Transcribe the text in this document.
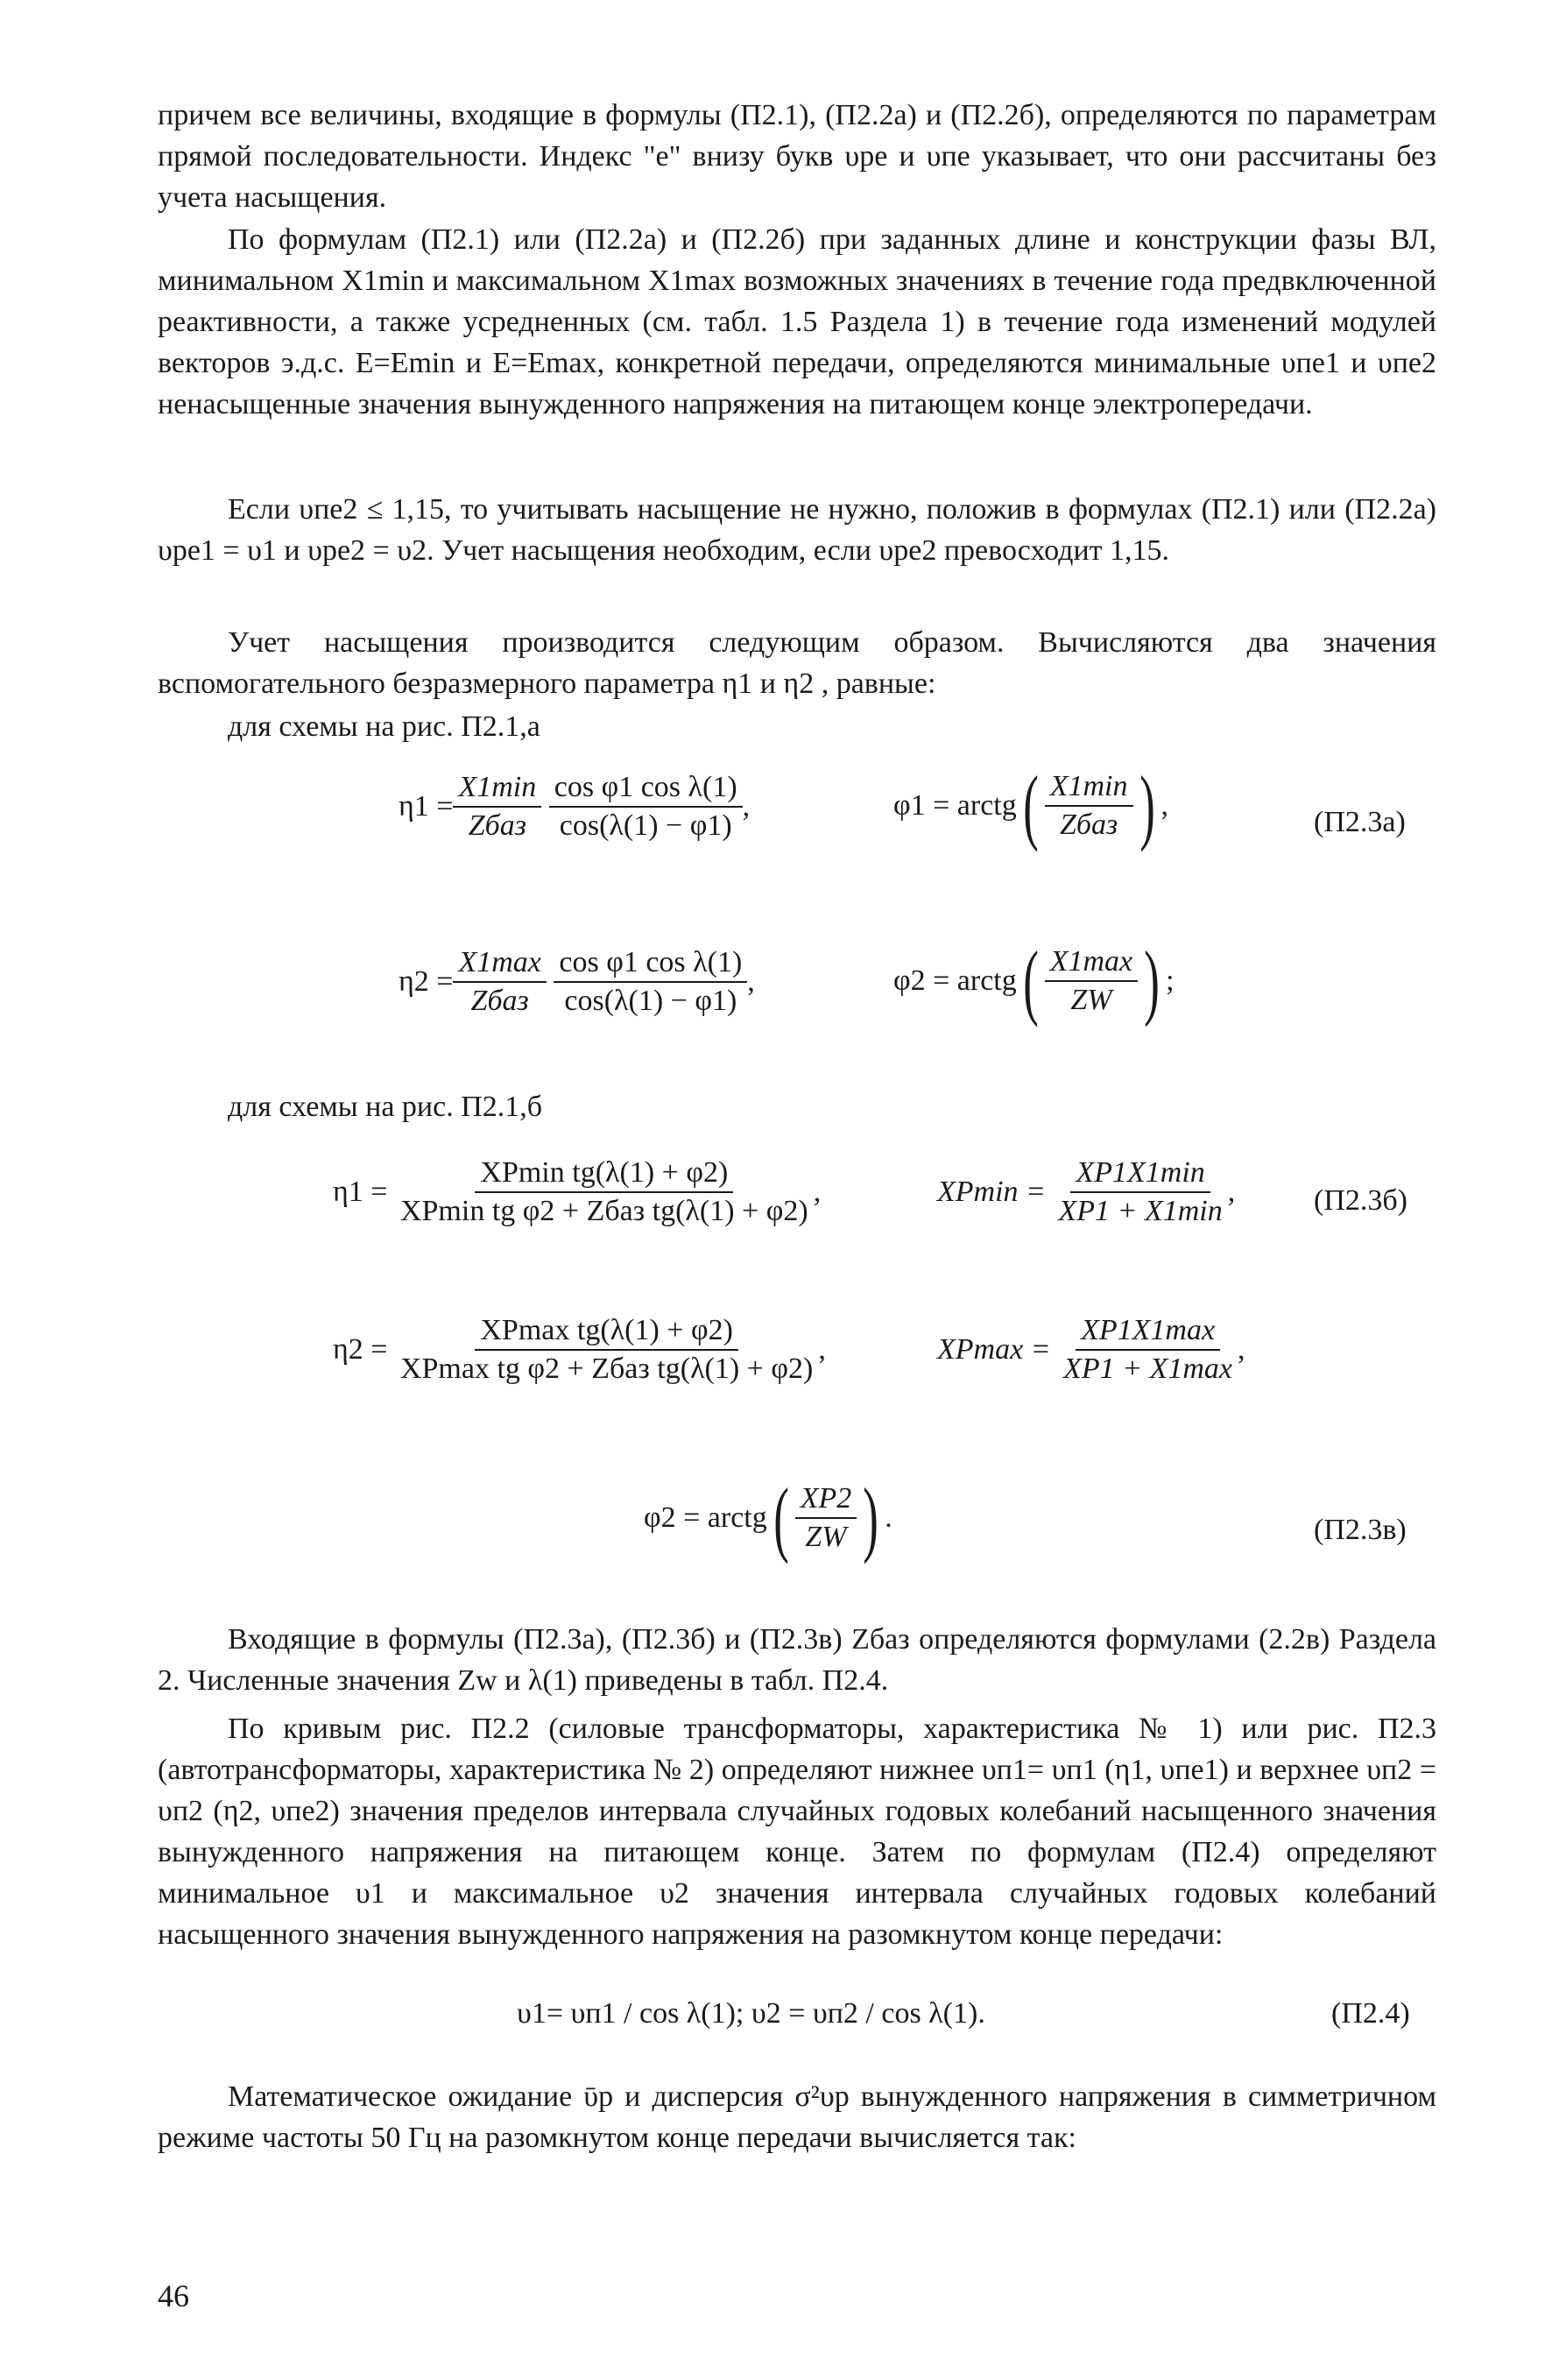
причем все величины, входящие в формулы (П2.1), (П2.2а) и (П2.2б), определяются по параметрам прямой последовательности. Индекс "е" внизу букв υре и υпе указывает, что они рассчитаны без учета насыщения.

По формулам (П2.1) или (П2.2а) и (П2.2б) при заданных длине и конструкции фазы ВЛ, минимальном X1min и максимальном X1max возможных значениях в течение года предвключенной реактивности, а также усредненных (см. табл. 1.5 Раздела 1) в течение года изменений модулей векторов э.д.с. E=Emin и E=Emax, конкретной передачи, определяются минимальные υпе1 и υпе2 ненасыщенные значения вынужденного напряжения на питающем конце электропередачи.

Если υпе2 ≤ 1,15, то учитывать насыщение не нужно, положив в формулах (П2.1) или (П2.2а) υре1 = υ1 и υре2 = υ2. Учет насыщения необходим, если υре2 превосходит 1,15.

Учет насыщения производится следующим образом. Вычисляются два значения вспомогательного безразмерного параметра η1 и η2 , равные:

для схемы на рис. П2.1,а

$\eta 1 = \frac{X1\min}{\text{Zбаз}}$
$\frac{\text{cos φ1 cos λ(1)}}{\cos(\lambda(1) - \varphi 1)}$ ,	φ1 = arctg ( $\frac{X1\min}{\text{Zбаз}}$ ) ,
(П2.3а)
$\eta 2 = \frac{X1\max}{\text{Zбаз}}$
$\frac{\text{cos φ1 cos λ(1)}}{\cos(\lambda(1) - \varphi 1)}$ ,	φ2 = arctg ( $\frac{X1\max}{ZW}$ ) ;

для схемы на рис. П2.1,б

η1 =
$\frac{\text{XPmin tg(λ(1) + φ2)}}{\text{XPmin tg φ2 + Zбаз tg(λ(1) + φ2)}}$ ,	XPmin =
$\frac{XP1X1\min}{XP1 + X1\min}$ ,	(П2.3б)
η2 =
$\frac{\text{XPmax tg(λ(1) + φ2)}}{\text{XPmax tg φ2 + Zбаз tg(λ(1) + φ2)}}$ ,	XPmax =
$\frac{XP1X1\max}{XP1 + X1\max}$ ,
φ2 = arctg ( $\frac{XP2}{ZW}$ ) .	(П2.3в)

Входящие в формулы (П2.3а), (П2.3б) и (П2.3в) Zбаз определяются формулами (2.2в) Раздела 2. Численные значения Zw и λ(1) приведены в табл. П2.4.

По кривым рис. П2.2 (силовые трансформаторы, характеристика № 1) или рис. П2.3 (автотрансформаторы, характеристика № 2) определяют нижнее υп1= υп1 (η1, υпе1) и верхнее υп2 = υп2 (η2, υпе2) значения пределов интервала случайных годовых колебаний насыщенного значения вынужденного напряжения на питающем конце. Затем по формулам (П2.4) определяют минимальное υ1 и максимальное υ2 значения интервала случайных годовых колебаний насыщенного значения вынужденного напряжения на разомкнутом конце передачи:

υ1= υп1 / cos λ(1); υ2 = υп2 / cos λ(1).	(П2.4)

Математическое ожидание ῡр и дисперсия σ²υр вынужденного напряжения в симметричном режиме частоты 50 Гц на разомкнутом конце передачи вычисляется так:

46
